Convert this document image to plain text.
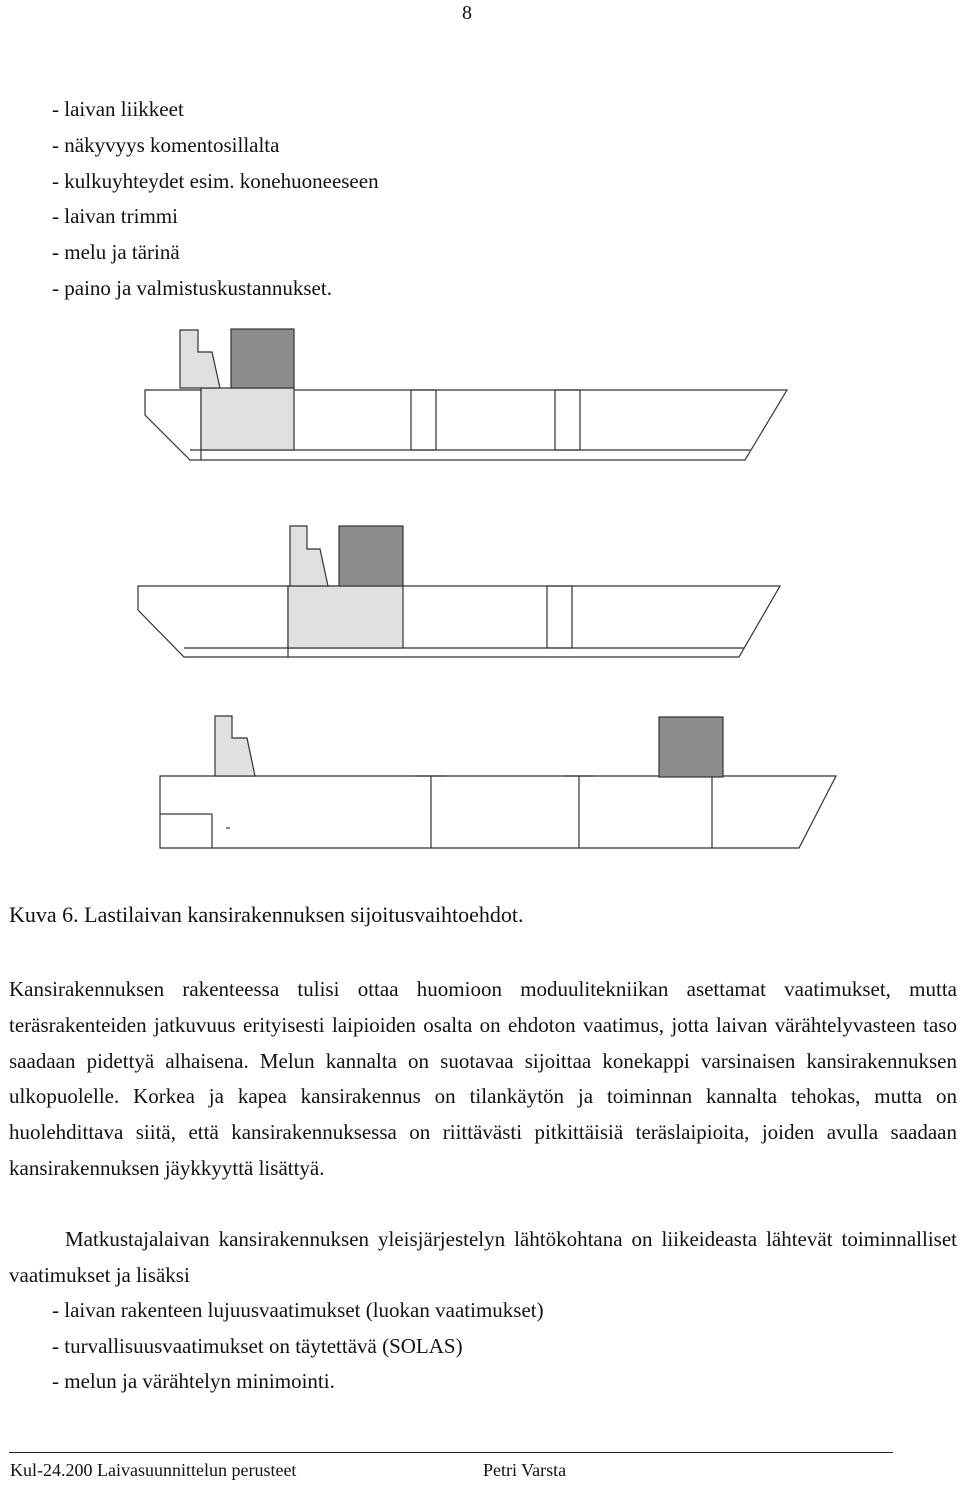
8
- laivan liikkeet
- näkyvyys komentosillalta
- kulkuyhteydet esim. konehuoneeseen
- laivan trimmi
- melu ja tärinä
- paino ja valmistuskustannukset.
Kuva 6. Lastilaivan kansirakennuksen sijoitusvaihtoehdot.

Kansirakennuksen rakenteessa tulisi ottaa huomioon moduulitekniikan asettamat vaatimukset, mutta teräsrakenteiden jatkuvuus erityisesti laipioiden osalta on ehdoton vaatimus, jotta laivan värähtelyvasteen taso saadaan pidettyä alhaisena. Melun kannalta on suotavaa sijoittaa konekappi varsinaisen kansirakennuksen ulkopuolelle. Korkea ja kapea kansirakennus on tilankäytön ja toiminnan kannalta tehokas, mutta on huolehdittava siitä, että kansirakennuksessa on riittävästi pitkittäisiä teräslaipioita, joiden avulla saadaan kansirakennuksen jäykkyyttä lisättyä.

Matkustajalaivan kansirakennuksen yleisjärjestelyn lähtökohtana on liikeideasta lähtevät toiminnalliset vaatimukset ja lisäksi

- laivan rakenteen lujuusvaatimukset (luokan vaatimukset)
- turvallisuusvaatimukset on täytettävä (SOLAS)
- melun ja värähtelyn minimointi.
Kul-24.200 Laivasuunnittelun perusteet	Petri Varsta
